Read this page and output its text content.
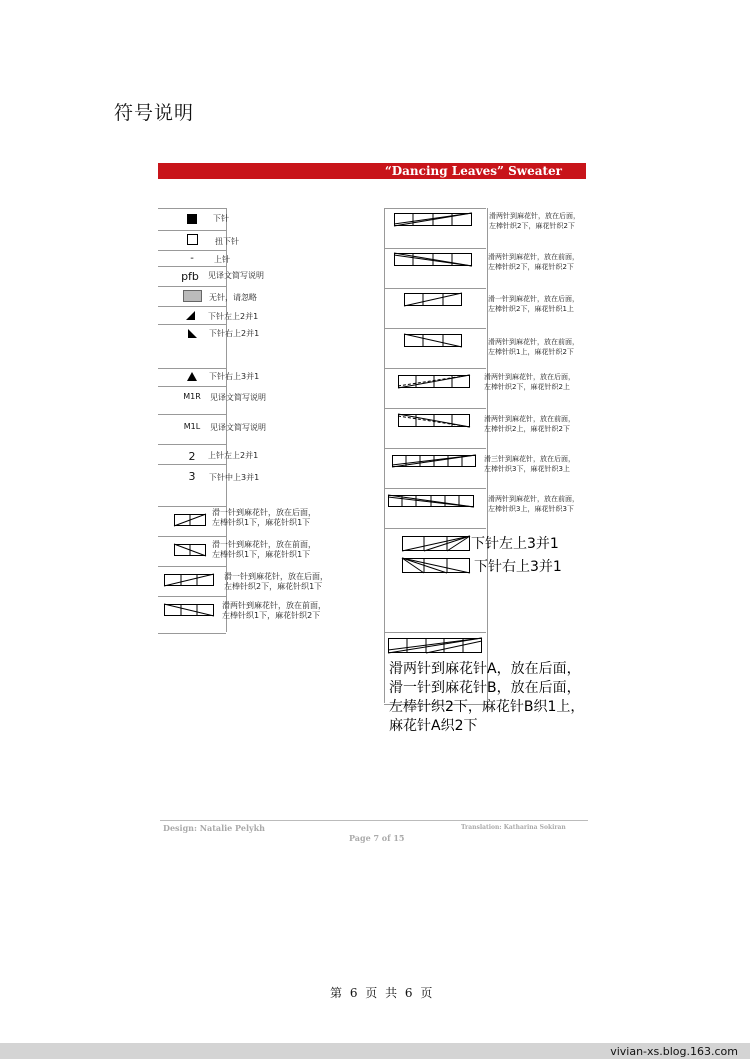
符号说明
“Dancing Leaves” Sweater
下针
扭下针
-	上针
pfb	见译文简写说明
无针，请忽略
下针左上2并1
下针右上2并1
下针右上3并1
M1R	见译文简写说明
M1L	见译文简写说明
2	上针左上2并1
3	下针中上3并1
滑一针到麻花针，放在后面，
左棒针织1下，麻花针织1下
滑一针到麻花针，放在前面，
左棒针织1下，麻花针织1下
滑一针到麻花针，放在后面，
左棒针织2下，麻花针织1下
滑两针到麻花针，放在前面，
左棒针织1下，麻花针织2下
滑两针到麻花针，放在后面，
左棒针织2下，麻花针织2下
滑两针到麻花针，放在前面，
左棒针织2下，麻花针织2下
滑一针到麻花针，放在后面，
左棒针织2下，麻花针织1上
滑两针到麻花针，放在前面，
左棒针织1上，麻花针织2下
滑两针到麻花针，放在后面，
左棒针织2下，麻花针织2上
滑两针到麻花针，放在前面，
左棒针织2上，麻花针织2下
滑三针到麻花针，放在后面，
左棒针织3下，麻花针织3上
滑两针到麻花针，放在前面，
左棒针织3上，麻花针织3下
下针左上3并1
下针右上3并1
滑两针到麻花针A，放在后面，
滑一针到麻花针B，放在后面，
左棒针织2下，麻花针B织1上，
麻花针A织2下
Design: Natalie Pelykh	Translation: Katharina Sokiran
Page 7 of 15
第 6 页 共 6 页
vivian-xs.blog.163.com
